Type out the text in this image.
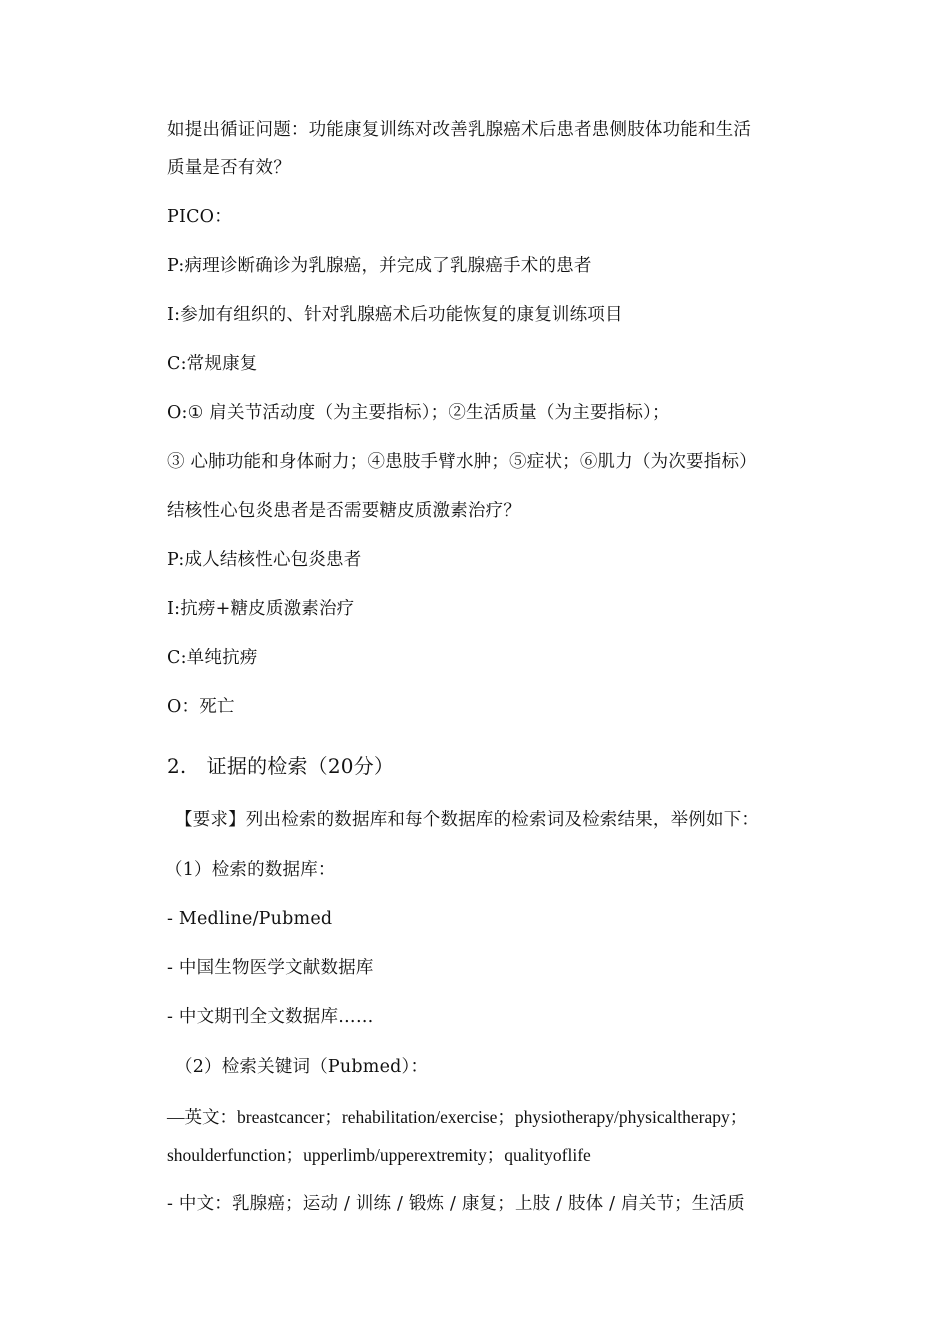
如提出循证问题：功能康复训练对改善乳腺癌术后患者患侧肢体功能和生活
质量是否有效？
PICO：
P:病理诊断确诊为乳腺癌，并完成了乳腺癌手术的患者
I:参加有组织的、针对乳腺癌术后功能恢复的康复训练项目
C:常规康复
O:① 肩关节活动度（为主要指标）；②生活质量（为主要指标）；
③ 心肺功能和身体耐力；④患肢手臂水肿；⑤症状；⑥肌力（为次要指标）
结核性心包炎患者是否需要糖皮质激素治疗？
P:成人结核性心包炎患者
I:抗痨+糖皮质激素治疗
C:单纯抗痨
O：死亡
2.　证据的检索（20分）
【要求】列出检索的数据库和每个数据库的检索词及检索结果，举例如下：
（1）检索的数据库：
- Medline/Pubmed
- 中国生物医学文献数据库
- 中文期刊全文数据库……
（2）检索关键词（Pubmed）：
—英文：breastcancer；rehabilitation/exercise；physiotherapy/physicaltherapy；
shoulderfunction；upperlimb/upperextremity；qualityoflife
- 中文：乳腺癌；运动 / 训练 / 锻炼 / 康复；上肢 / 肢体 / 肩关节；生活质
